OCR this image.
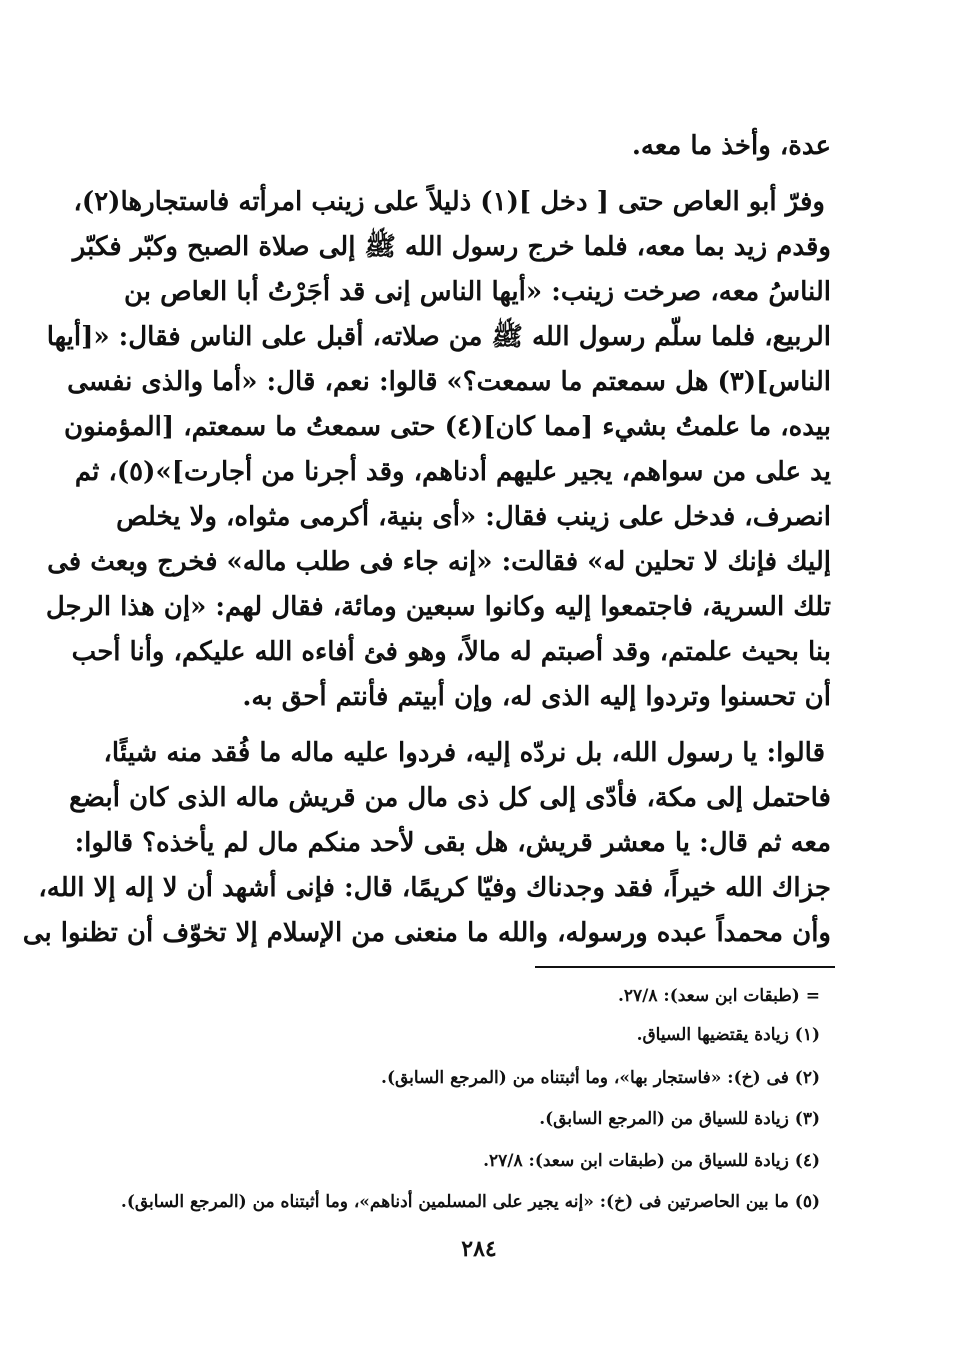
عدة، وأخذ ما معه.
وفرّ أبو العاص حتى [ دخل ](١) ذليلاً على زينب امرأته فاستجارها(٢)،
وقدم زيد بما معه، فلما خرج رسول الله ﷺ إلى صلاة الصبح وكبّر فكبّر
الناسُ معه، صرخت زينب: «أيها الناس إنى قد أجَرْتُ أبا العاص بن
الربيع، فلما سلّم رسول الله ﷺ من صلاته، أقبل على الناس فقال: «[أيها
الناس](٣) هل سمعتم ما سمعت؟» قالوا: نعم، قال: «أما والذى نفسى
بيده، ما علمتُ بشيء [مما كان](٤) حتى سمعتُ ما سمعتم، [المؤمنون
يد على من سواهم، يجير عليهم أدناهم، وقد أجرنا من أجارت]»(٥)، ثم
انصرف، فدخل على زينب فقال: «أى بنية، أكرمى مثواه، ولا يخلص
إليك فإنك لا تحلين له» فقالت: «إنه جاء فى طلب ماله» فخرج وبعث فى
تلك السرية، فاجتمعوا إليه وكانوا سبعين ومائة، فقال لهم: «إن هذا الرجل
بنا بحيث علمتم، وقد أصبتم له مالاً، وهو فئ أفاءه الله عليكم، وأنا أحب
أن تحسنوا وتردوا إليه الذى له، وإن أبيتم فأنتم أحق به.
قالوا: يا رسول الله، بل نردّه إليه، فردوا عليه ماله ما فُقد منه شيئًا،
فاحتمل إلى مكة، فأدّى إلى كل ذى مال من قريش ماله الذى كان أبضع
معه ثم قال: يا معشر قريش، هل بقى لأحد منكم مال لم يأخذه؟ قالوا:
جزاك الله خيراً، فقد وجدناك وفيّا كريمًا، قال: فإنى أشهد أن لا إله إلا الله،
وأن محمداً عبده ورسوله، والله ما منعنى من الإسلام إلا تخوّف أن تظنوا بى
= (طبقات ابن سعد): ٢٧/٨.
(١) زيادة يقتضيها السياق.
(٢) فى (خ): «فاستجار بها»، وما أثبتناه من (المرجع السابق).
(٣) زيادة للسياق من (المرجع السابق).
(٤) زيادة للسياق من (طبقات ابن سعد): ٢٧/٨.
(٥) ما بين الحاصرتين فى (خ): «إنه يجير على المسلمين أدناهم»، وما أثبتناه من (المرجع السابق).
٢٨٤
